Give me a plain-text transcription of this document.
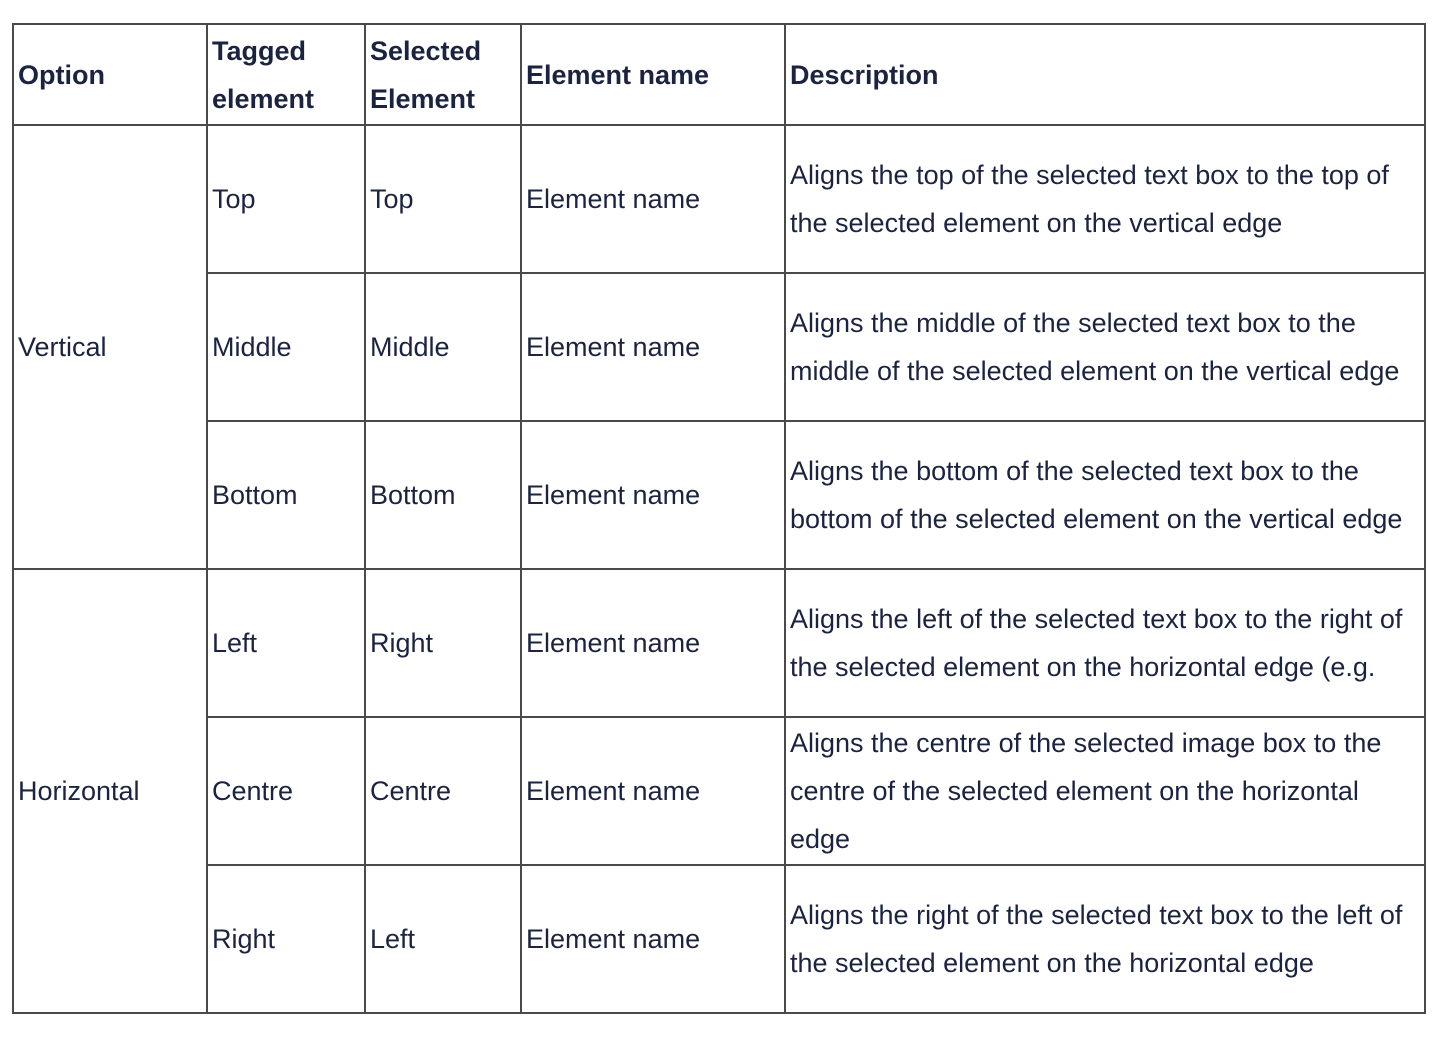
Option	Tagged element	Selected Element	Element name	Description
Vertical	Top	Top	Element name	Aligns the top of the selected text box to the top of the selected element on the vertical edge
	Middle	Middle	Element name	Aligns the middle of the selected text box to the middle of the selected element on the vertical edge
	Bottom	Bottom	Element name	Aligns the bottom of the selected text box to the bottom of the selected element on the vertical edge
Horizontal	Left	Right	Element name	Aligns the left of the selected text box to the right of the selected element on the horizontal edge (e.g.
	Centre	Centre	Element name	Aligns the centre of the selected image box to the centre of the selected element on the horizontal edge
	Right	Left	Element name	Aligns the right of the selected text box to the left of the selected element on the horizontal edge
